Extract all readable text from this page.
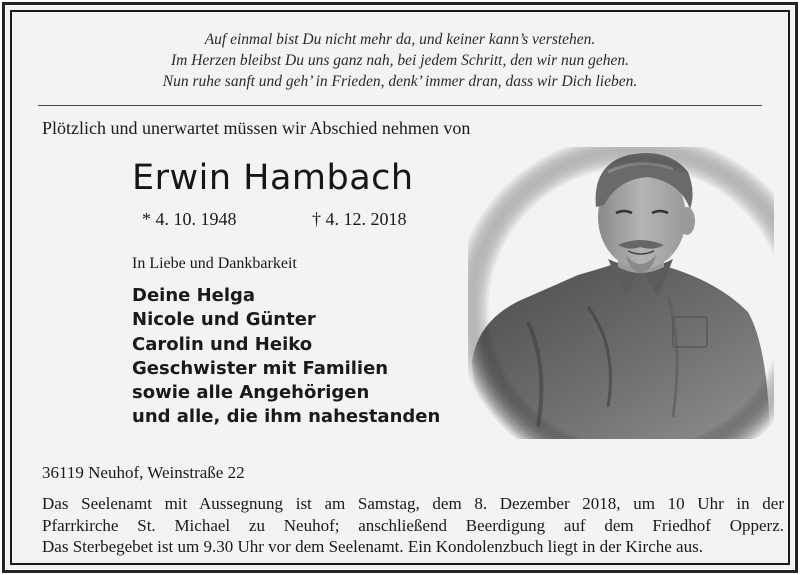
Auf einmal bist Du nicht mehr da, und keiner kann’s verstehen.
Im Herzen bleibst Du uns ganz nah, bei jedem Schritt, den wir nun gehen.
Nun ruhe sanft und geh’ in Frieden, denk’ immer dran, dass wir Dich lieben.
Plötzlich und unerwartet müssen wir Abschied nehmen von
Erwin Hambach
* 4. 10. 1948	† 4. 12. 2018
In Liebe und Dankbarkeit
Deine Helga
Nicole und Günter
Carolin und Heiko
Geschwister mit Familien
sowie alle Angehörigen
und alle, die ihm nahestanden
36119 Neuhof, Weinstraße 22
Das Seelenamt mit Aussegnung ist am Samstag, dem 8. Dezember 2018, um 10 Uhr in der
Pfarrkirche St. Michael zu Neuhof; anschließend Beerdigung auf dem Friedhof Opperz.
Das Sterbegebet ist um 9.30 Uhr vor dem Seelenamt. Ein Kondolenzbuch liegt in der Kirche aus.
